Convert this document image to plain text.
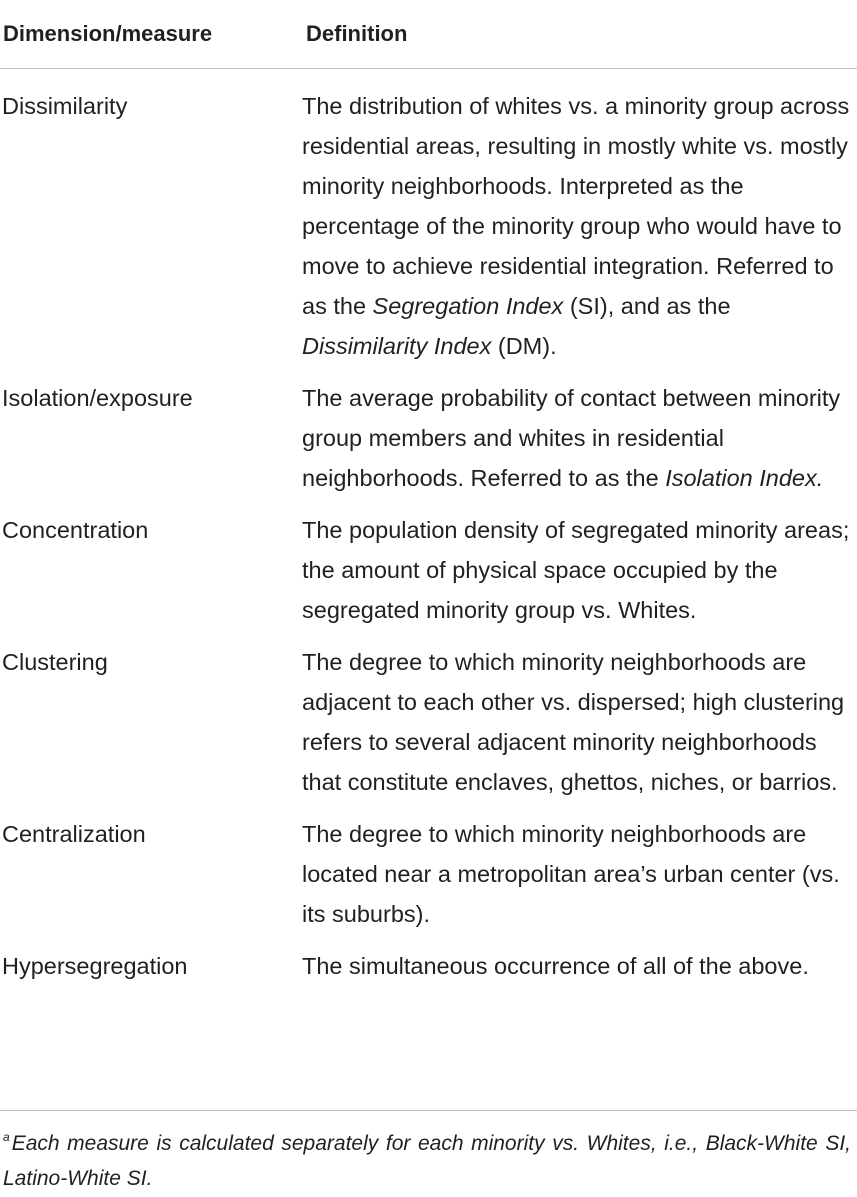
Dimension/measure	Definition
Dissimilarity	The distribution of whites vs. a minority group across residential areas, resulting in mostly white vs. mostly minority neighborhoods. Interpreted as the percentage of the minority group who would have to move to achieve residential integration. Referred to as the Segregation Index (SI), and as the Dissimilarity Index (DM).
Isolation/exposure	The average probability of contact between minority group members and whites in residential neighborhoods. Referred to as the Isolation Index.
Concentration	The population density of segregated minority areas; the amount of physical space occupied by the segregated minority group vs. Whites.
Clustering	The degree to which minority neighborhoods are adjacent to each other vs. dispersed; high clustering refers to several adjacent minority neighborhoods that constitute enclaves, ghettos, niches, or barrios.
Centralization	The degree to which minority neighborhoods are located near a metropolitan area’s urban center (vs. its suburbs).
Hypersegregation	The simultaneous occurrence of all of the above.
$^a$Each measure is calculated separately for each minority vs. Whites, i.e., Black-White SI, Latino-White SI.
